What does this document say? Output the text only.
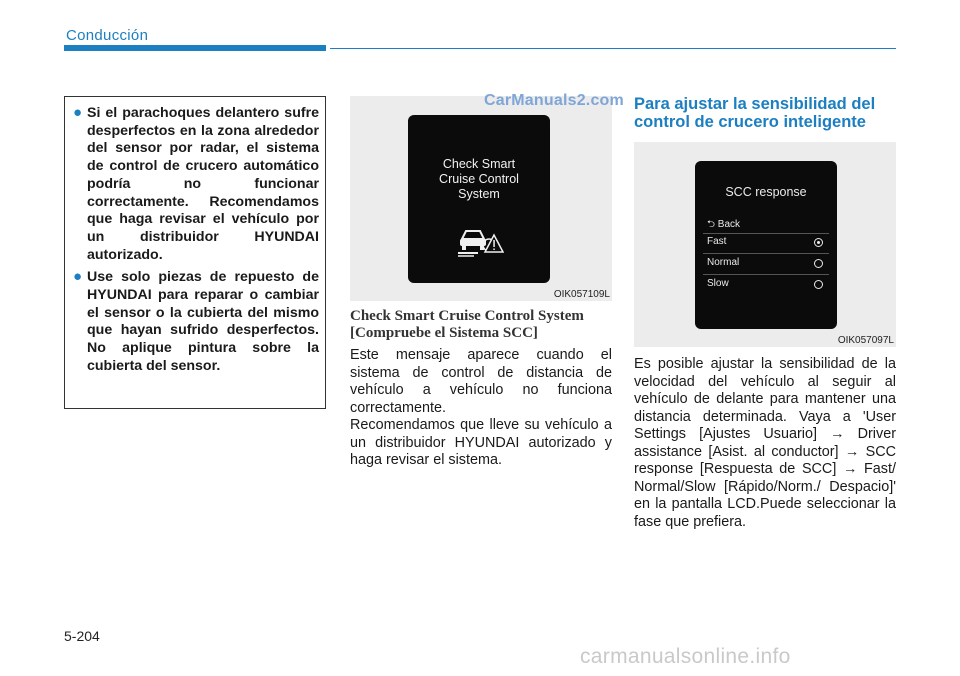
Conducción
● Si el parachoques delantero sufre desperfectos en la zona alrededor del sensor por radar, el sistema de control de crucero automático podría no funcionar correctamente. Recomendamos que haga revisar el vehículo por un distribuidor HYUNDAI autorizado.
● Use solo piezas de repuesto de HYUNDAI para reparar o cambiar el sensor o la cubierta del mismo que hayan sufrido desperfectos. No aplique pintura sobre la cubierta del sensor.
Check Smart
Cruise Control
System
OIK057109L
CarManuals2.com
Check Smart Cruise Control System [Compruebe el Sistema SCC]
Este mensaje aparece cuando el sistema de control de distancia de vehículo a vehículo no funciona correctamente.
Recomendamos que lleve su vehículo a un distribuidor HYUNDAI autorizado y haga revisar el sistema.
Para ajustar la sensibilidad del control de crucero inteligente
SCC response
⮌ Back
Fast
Normal
Slow
OIK057097L
Es posible ajustar la sensibilidad de la velocidad del vehículo al seguir al vehículo de delante para mantener una distancia determinada. Vaya a 'User Settings [Ajustes Usuario] → Driver assistance [Asist. al conductor] → SCC response [Respuesta de SCC] → Fast/ Normal/Slow [Rápido/Norm./ Despacio]' en la pantalla LCD.Puede seleccionar la fase que prefiera.
5-204
carmanualsonline.info
